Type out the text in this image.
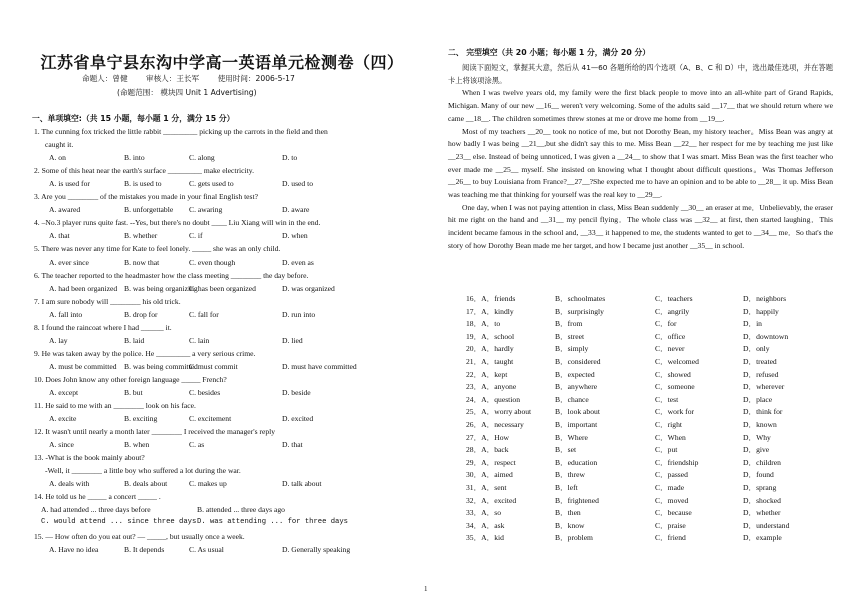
江苏省阜宁县东沟中学高一英语单元检测卷（四）
命题人：曾健 审核人：王长军 使用时间：2006-5-17
(命题范围： 模块四 Unit 1 Advertising)
一、单项填空:（共 15 小题，每小题 1 分，满分 15 分）
1. The cunning fox tricked the little rabbit _________ picking up the carrots in the field and then
caught it.
A. on	B. into	C. along	D. to
2. Some of this heat near the earth's surface _________ make electricity.
A. is used for	B. is used to	C. gets used to	D. used to
3. Are you ________ of the mistakes you made in your final English test?
A. awared	B. unforgettable C. awaring	D. aware
4. –No.3 player runs quite fast. --Yes, but there's no doubt ____ Liu Xiang will win in the end.
A. that	B. whether	C. if	D. when
5. There was never any time for Kate to feel lonely. _____ she was an only child.
A. ever since	B. now that	C. even though	D. even as
6. The teacher reported to the headmaster how the class meeting ________ the day before.
A. had been organized B. was being organizing
C. has been organized	D. was organized
7. I am sure nobody will ________ his old trick.
A. fall into	B. drop for	C. fall for	D. run into
8. I found the raincoat where I had ______ it.
A. lay	B. laid	C. lain	D. lied
9. He was taken away by the police. He _________ a very serious crime.
A. must be committed B. was being committed
C. must commit	D. must have committed
10. Does John know any other foreign language _____ French?
A. except	B. but	C. besides	D. beside
11. He said to me with an ________ look on his face.
A. excite	B. exciting	C. excitement	D. excited
12. It wasn't until nearly a month later ________ I received the manager's reply
A. since	B. when	C. as	D. that
13. -What is the book mainly about?
-Well, it ________ a little boy who suffered a lot during the war.
A. deals with	B. deals about	C. makes up	D. talk about
14. He told us he _____ a concert _____ .
A. had attended ... three days before	B. attended ... three days ago
C. would attend ... since three days D. was attending ... for three days
15. — How often do you eat out? — _____, but usually once a week.
A. Have no idea	B. It depends	C. As usual	D. Generally speaking
二、 完型填空（共 20 小题；每小题 1 分，满分 20 分）

阅读下面短文，掌握其大意，然后从 41—60 各题所给的四个选项（A、B、C 和 D）中，选出最佳选项，并在答题卡上将该项涂黑。

When I was twelve years old, my family were the first black people to move into an all-white part of Grand Rapids, Michigan. Many of our new __16__ weren't very welcoming. Some of the adults said __17__ that we should return where we came __18__. The children sometimes threw stones at me or drove me home from __19__.

Most of my teachers __20__ took no notice of me, but not Dorothy Bean, my history teacher。Miss Bean was angry at how badly I was being __21__,but she didn't say this to me. Miss Bean __22__ her respect for me by teaching me just like __23__ else. Instead of being unnoticed, I was given a __24__ to show that I was smart. Miss Bean was the first teacher who ever made me __25__ myself. She insisted on knowing what I thought about difficult questions。Was Thomas Jefferson __26__ to buy Louisiana from France?__27__?She expected me to have an opinion and to be able to __28__ it up. Miss Bean was teaching me that thinking for yourself was the real key to __29__.

One day, when I was not paying attention in class, Miss Bean suddenly __30__ an eraser at me．Unbelievably, the eraser hit me right on the hand and __31__ my pencil flying．The whole class was __32__ at first, then started laughing．This incident became famous in the school and, __33__ it happened to me, the students wanted to get to __34__ me．So that's the story of how Dorothy Bean made me her target, and how I became just another __35__ in school.

16．A．friends	B．schoolmates	C．teachers	D．neighbors
17．A．kindly	B．surprisingly	C．angrily	D．happily
18．A．to	B．from	C．for	D．in
19．A．school	B．street	C．office	D．downtown
20．A．hardly	B．simply	C．never	D．only
21．A．taught	B．considered	C．welcomed	D．treated
22．A．kept	B．expected	C．showed	D．refused
23．A．anyone	B．anywhere	C．someone	D．wherever
24．A．question	B．chance	C．test	D．place
25．A．worry about	B．look about	C．work for	D．think for
26．A．necessary	B．important	C．right	D．known
27．A．How	B．Where	C．When	D．Why
28．A．back	B．set	C．put	D．give
29．A．respect	B．education	C．friendship	D．children
30．A．aimed	B．threw	C．passed	D．found
31．A．sent	B．left	C．made	D．sprang
32．A．excited	B．frightened	C．moved	D．shocked
33．A．so	B．then	C．because	D．whether
34．A．ask	B．know	C．praise	D．understand
35．A．kid	B．problem	C．friend	D．example
1
